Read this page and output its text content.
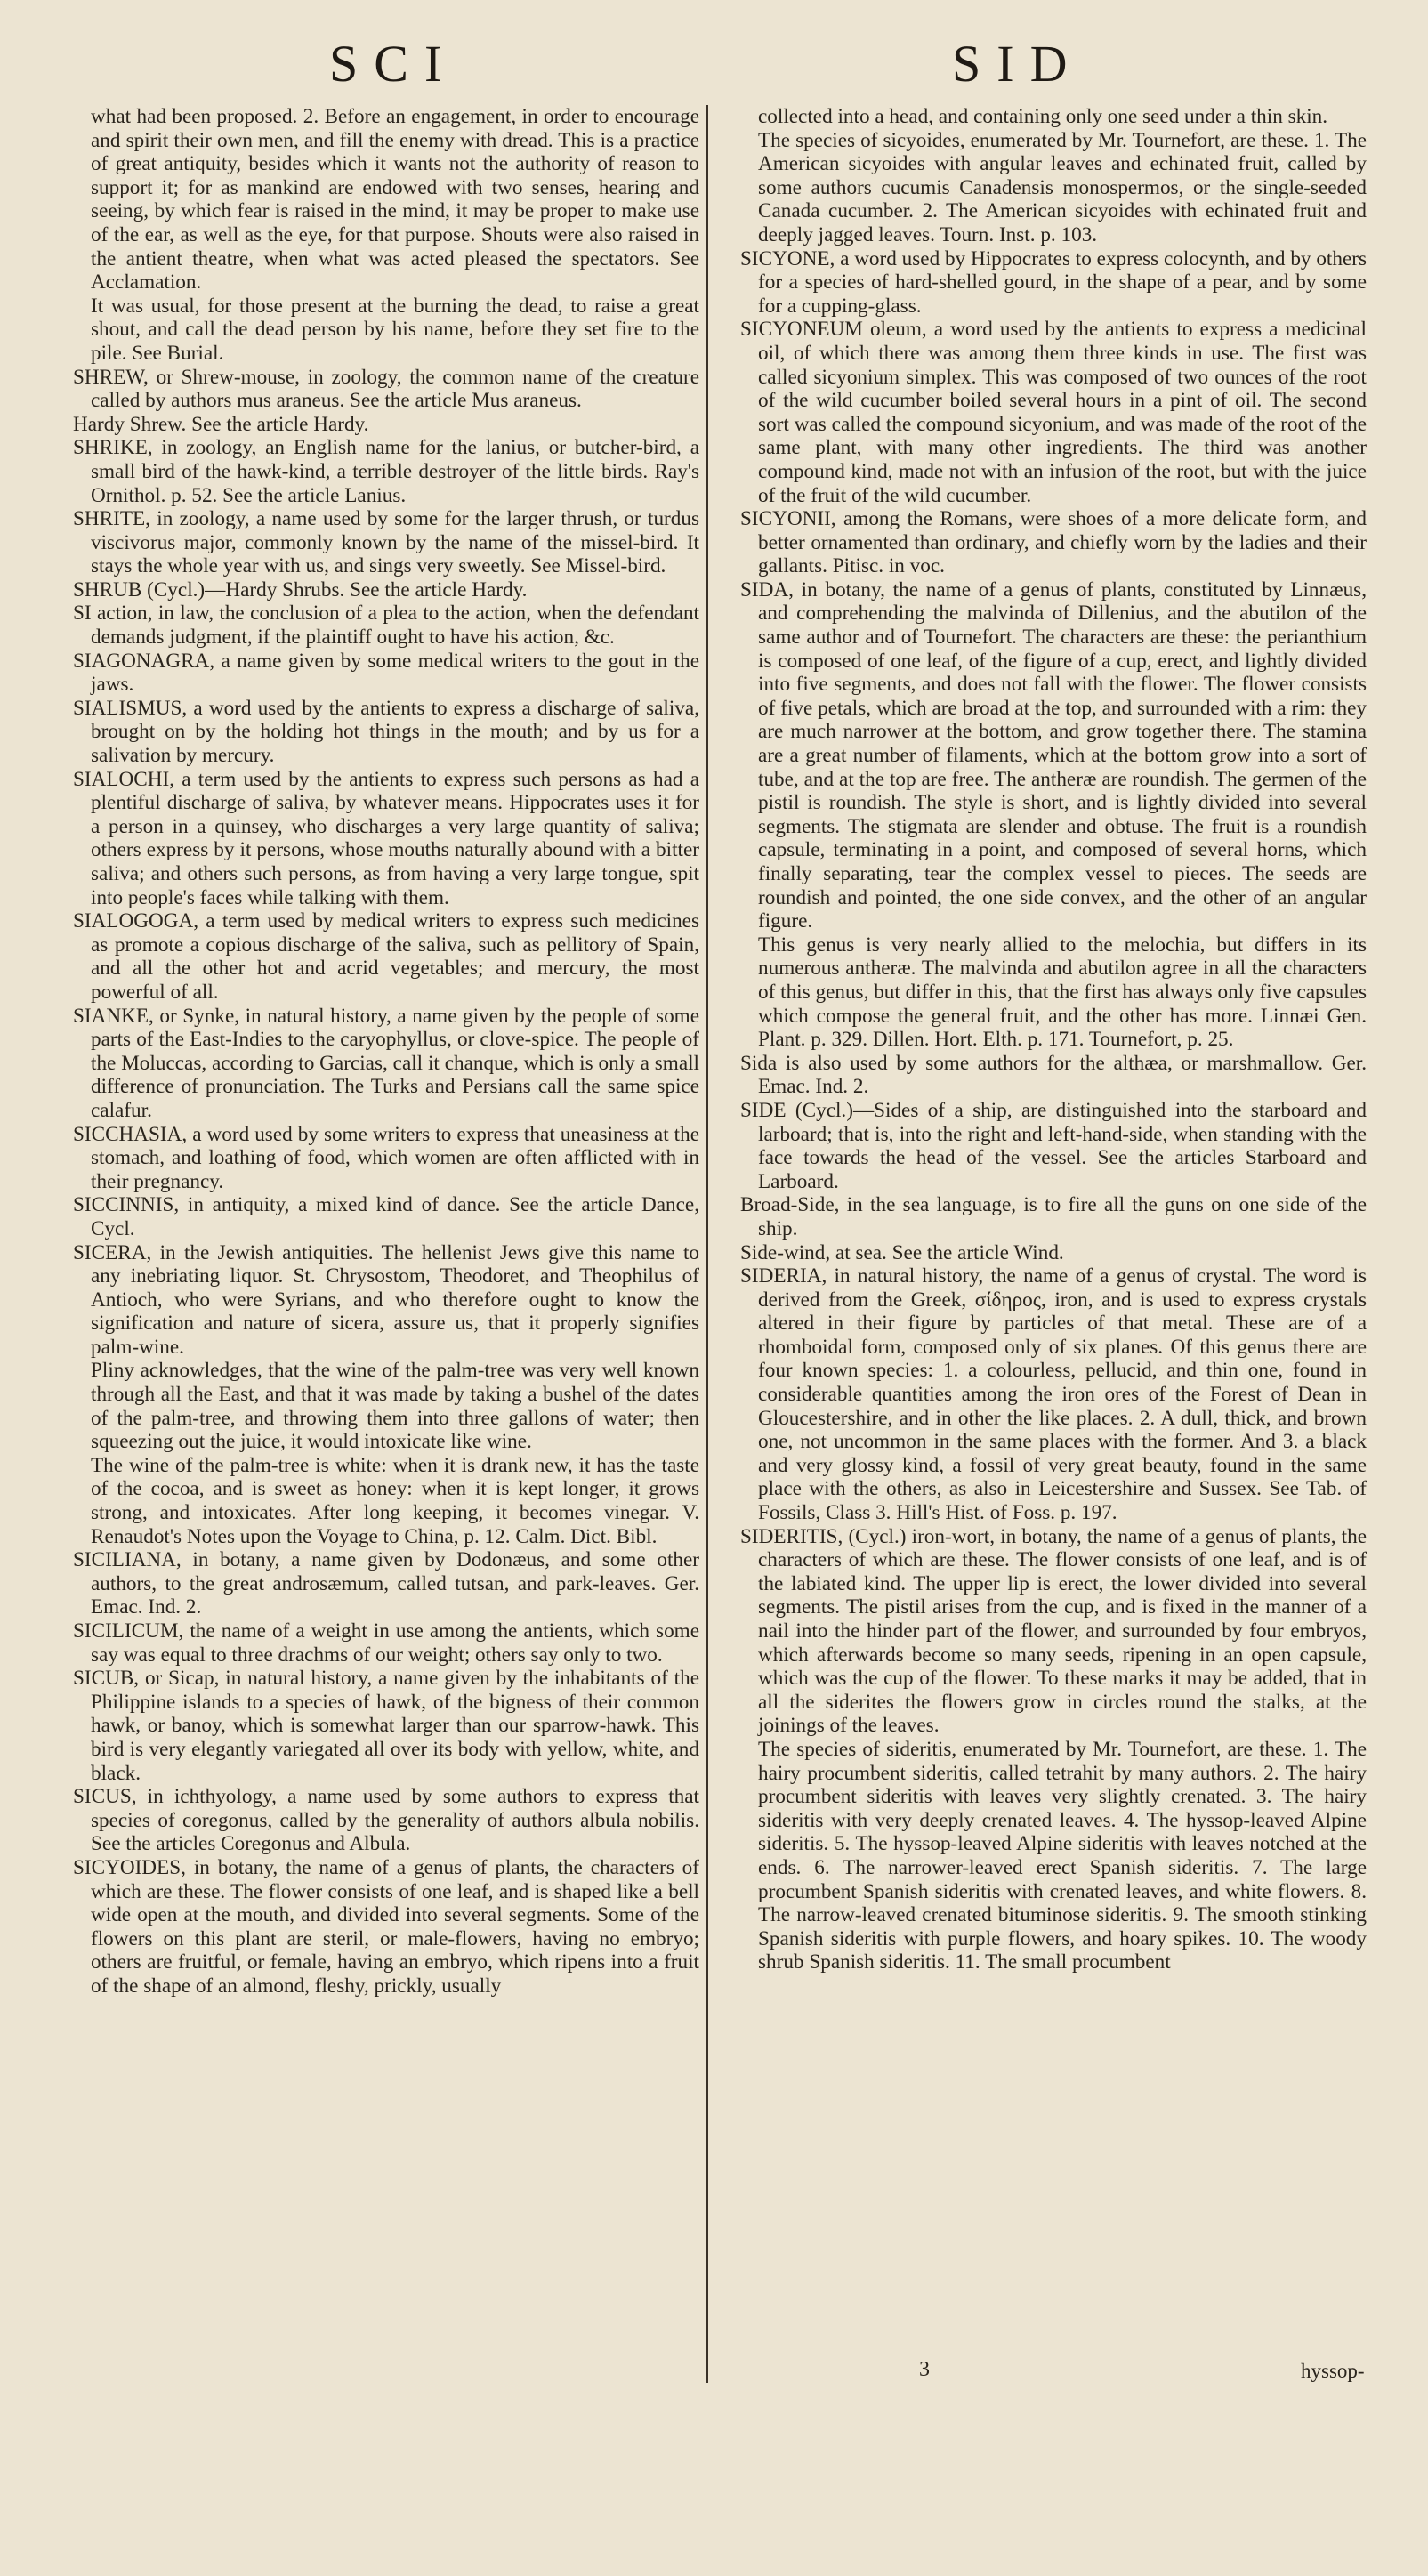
SCI	SID

what had been proposed. 2. Before an engagement, in order to encourage and spirit their own men, and fill the enemy with dread. This is a practice of great antiquity, besides which it wants not the authority of reason to support it; for as mankind are endowed with two senses, hearing and seeing, by which fear is raised in the mind, it may be proper to make use of the ear, as well as the eye, for that purpose. Shouts were also raised in the antient theatre, when what was acted pleased the spectators. See Acclamation.

It was usual, for those present at the burning the dead, to raise a great shout, and call the dead person by his name, before they set fire to the pile. See Burial.

SHREW, or Shrew-mouse, in zoology, the common name of the creature called by authors mus araneus. See the article Mus araneus.

Hardy Shrew. See the article Hardy.

SHRIKE, in zoology, an English name for the lanius, or butcher-bird, a small bird of the hawk-kind, a terrible destroyer of the little birds. Ray's Ornithol. p. 52. See the article Lanius.

SHRITE, in zoology, a name used by some for the larger thrush, or turdus viscivorus major, commonly known by the name of the missel-bird. It stays the whole year with us, and sings very sweetly. See Missel-bird.

SHRUB (Cycl.)—Hardy Shrubs. See the article Hardy.

SI action, in law, the conclusion of a plea to the action, when the defendant demands judgment, if the plaintiff ought to have his action, &c.

SIAGONAGRA, a name given by some medical writers to the gout in the jaws.

SIALISMUS, a word used by the antients to express a discharge of saliva, brought on by the holding hot things in the mouth; and by us for a salivation by mercury.

SIALOCHI, a term used by the antients to express such persons as had a plentiful discharge of saliva, by whatever means. Hippocrates uses it for a person in a quinsey, who discharges a very large quantity of saliva; others express by it persons, whose mouths naturally abound with a bitter saliva; and others such persons, as from having a very large tongue, spit into people's faces while talking with them.

SIALOGOGA, a term used by medical writers to express such medicines as promote a copious discharge of the saliva, such as pellitory of Spain, and all the other hot and acrid vegetables; and mercury, the most powerful of all.

SIANKE, or Synke, in natural history, a name given by the people of some parts of the East-Indies to the caryophyllus, or clove-spice. The people of the Moluccas, according to Garcias, call it chanque, which is only a small difference of pronunciation. The Turks and Persians call the same spice calafur.

SICCHASIA, a word used by some writers to express that uneasiness at the stomach, and loathing of food, which women are often afflicted with in their pregnancy.

SICCINNIS, in antiquity, a mixed kind of dance. See the article Dance, Cycl.

SICERA, in the Jewish antiquities. The hellenist Jews give this name to any inebriating liquor. St. Chrysostom, Theodoret, and Theophilus of Antioch, who were Syrians, and who therefore ought to know the signification and nature of sicera, assure us, that it properly signifies palm-wine.

Pliny acknowledges, that the wine of the palm-tree was very well known through all the East, and that it was made by taking a bushel of the dates of the palm-tree, and throwing them into three gallons of water; then squeezing out the juice, it would intoxicate like wine.

The wine of the palm-tree is white: when it is drank new, it has the taste of the cocoa, and is sweet as honey: when it is kept longer, it grows strong, and intoxicates. After long keeping, it becomes vinegar. V. Renaudot's Notes upon the Voyage to China, p. 12. Calm. Dict. Bibl.

SICILIANA, in botany, a name given by Dodonæus, and some other authors, to the great androsæmum, called tutsan, and park-leaves. Ger. Emac. Ind. 2.

SICILICUM, the name of a weight in use among the antients, which some say was equal to three drachms of our weight; others say only to two.

SICUB, or Sicap, in natural history, a name given by the inhabitants of the Philippine islands to a species of hawk, of the bigness of their common hawk, or banoy, which is somewhat larger than our sparrow-hawk. This bird is very elegantly variegated all over its body with yellow, white, and black.

SICUS, in ichthyology, a name used by some authors to express that species of coregonus, called by the generality of authors albula nobilis. See the articles Coregonus and Albula.

SICYOIDES, in botany, the name of a genus of plants, the characters of which are these. The flower consists of one leaf, and is shaped like a bell wide open at the mouth, and divided into several segments. Some of the flowers on this plant are steril, or male-flowers, having no embryo; others are fruitful, or female, having an embryo, which ripens into a fruit of the shape of an almond, fleshy, prickly, usually

collected into a head, and containing only one seed under a thin skin.

The species of sicyoides, enumerated by Mr. Tournefort, are these. 1. The American sicyoides with angular leaves and echinated fruit, called by some authors cucumis Canadensis monospermos, or the single-seeded Canada cucumber. 2. The American sicyoides with echinated fruit and deeply jagged leaves. Tourn. Inst. p. 103.

SICYONE, a word used by Hippocrates to express colocynth, and by others for a species of hard-shelled gourd, in the shape of a pear, and by some for a cupping-glass.

SICYONEUM oleum, a word used by the antients to express a medicinal oil, of which there was among them three kinds in use. The first was called sicyonium simplex. This was composed of two ounces of the root of the wild cucumber boiled several hours in a pint of oil. The second sort was called the compound sicyonium, and was made of the root of the same plant, with many other ingredients. The third was another compound kind, made not with an infusion of the root, but with the juice of the fruit of the wild cucumber.

SICYONII, among the Romans, were shoes of a more delicate form, and better ornamented than ordinary, and chiefly worn by the ladies and their gallants. Pitisc. in voc.

SIDA, in botany, the name of a genus of plants, constituted by Linnæus, and comprehending the malvinda of Dillenius, and the abutilon of the same author and of Tournefort. The characters are these: the perianthium is composed of one leaf, of the figure of a cup, erect, and lightly divided into five segments, and does not fall with the flower. The flower consists of five petals, which are broad at the top, and surrounded with a rim: they are much narrower at the bottom, and grow together there. The stamina are a great number of filaments, which at the bottom grow into a sort of tube, and at the top are free. The antheræ are roundish. The germen of the pistil is roundish. The style is short, and is lightly divided into several segments. The stigmata are slender and obtuse. The fruit is a roundish capsule, terminating in a point, and composed of several horns, which finally separating, tear the complex vessel to pieces. The seeds are roundish and pointed, the one side convex, and the other of an angular figure.

This genus is very nearly allied to the melochia, but differs in its numerous antheræ. The malvinda and abutilon agree in all the characters of this genus, but differ in this, that the first has always only five capsules which compose the general fruit, and the other has more. Linnæi Gen. Plant. p. 329. Dillen. Hort. Elth. p. 171. Tournefort, p. 25.

Sida is also used by some authors for the althæa, or marshmallow. Ger. Emac. Ind. 2.

SIDE (Cycl.)—Sides of a ship, are distinguished into the starboard and larboard; that is, into the right and left-hand-side, when standing with the face towards the head of the vessel. See the articles Starboard and Larboard.

Broad-Side, in the sea language, is to fire all the guns on one side of the ship.

Side-wind, at sea. See the article Wind.

SIDERIA, in natural history, the name of a genus of crystal. The word is derived from the Greek, σίδηρος, iron, and is used to express crystals altered in their figure by particles of that metal. These are of a rhomboidal form, composed only of six planes. Of this genus there are four known species: 1. a colourless, pellucid, and thin one, found in considerable quantities among the iron ores of the Forest of Dean in Gloucestershire, and in other the like places. 2. A dull, thick, and brown one, not uncommon in the same places with the former. And 3. a black and very glossy kind, a fossil of very great beauty, found in the same place with the others, as also in Leicestershire and Sussex. See Tab. of Fossils, Class 3. Hill's Hist. of Foss. p. 197.

SIDERITIS, (Cycl.) iron-wort, in botany, the name of a genus of plants, the characters of which are these. The flower consists of one leaf, and is of the labiated kind. The upper lip is erect, the lower divided into several segments. The pistil arises from the cup, and is fixed in the manner of a nail into the hinder part of the flower, and surrounded by four embryos, which afterwards become so many seeds, ripening in an open capsule, which was the cup of the flower. To these marks it may be added, that in all the siderites the flowers grow in circles round the stalks, at the joinings of the leaves.

The species of sideritis, enumerated by Mr. Tournefort, are these. 1. The hairy procumbent sideritis, called tetrahit by many authors. 2. The hairy procumbent sideritis with leaves very slightly crenated. 3. The hairy sideritis with very deeply crenated leaves. 4. The hyssop-leaved Alpine sideritis. 5. The hyssop-leaved Alpine sideritis with leaves notched at the ends. 6. The narrower-leaved erect Spanish sideritis. 7. The large procumbent Spanish sideritis with crenated leaves, and white flowers. 8. The narrow-leaved crenated bituminose sideritis. 9. The smooth stinking Spanish sideritis with purple flowers, and hoary spikes. 10. The woody shrub Spanish sideritis. 11. The small procumbent

3	hyssop-
